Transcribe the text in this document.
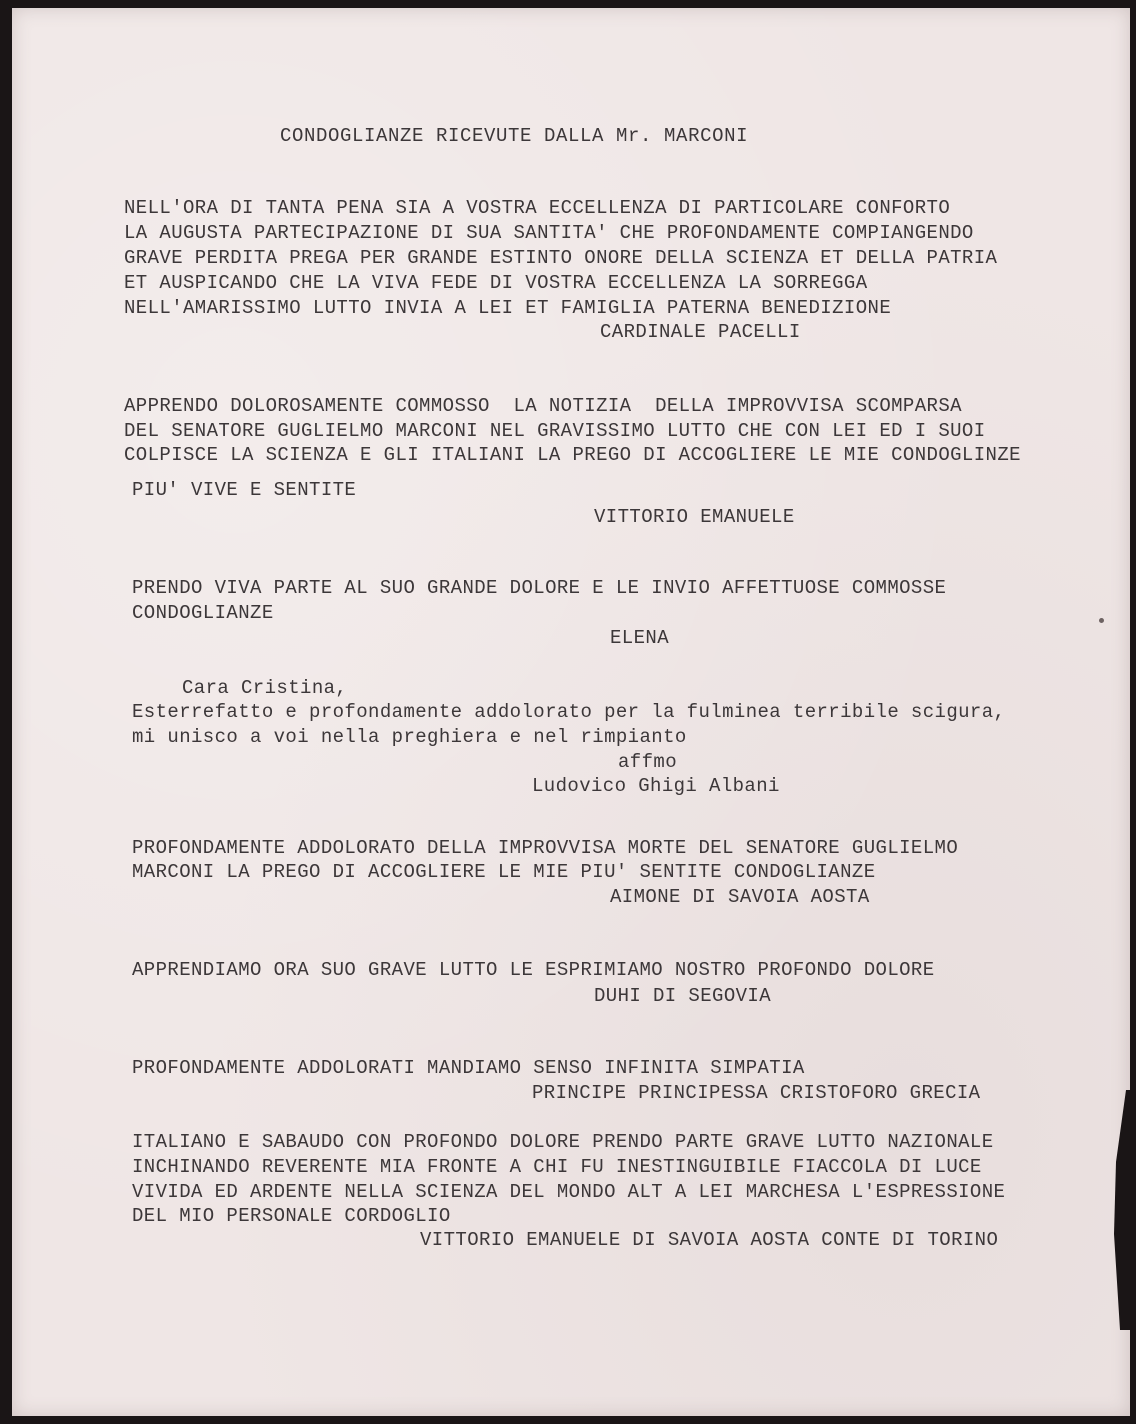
CONDOGLIANZE RICEVUTE DALLA Mr. MARCONI

NELL'ORA DI TANTA PENA SIA A VOSTRA ECCELLENZA DI PARTICOLARE CONFORTO

LA AUGUSTA PARTECIPAZIONE DI SUA SANTITA' CHE PROFONDAMENTE COMPIANGENDO

GRAVE PERDITA PREGA PER GRANDE ESTINTO ONORE DELLA SCIENZA ET DELLA PATRIA

ET AUSPICANDO CHE LA VIVA FEDE DI VOSTRA ECCELLENZA LA SORREGGA

NELL'AMARISSIMO LUTTO INVIA A LEI ET FAMIGLIA PATERNA BENEDIZIONE

CARDINALE PACELLI

APPRENDO DOLOROSAMENTE COMMOSSO  LA NOTIZIA  DELLA IMPROVVISA SCOMPARSA

DEL SENATORE GUGLIELMO MARCONI NEL GRAVISSIMO LUTTO CHE CON LEI ED I SUOI

COLPISCE LA SCIENZA E GLI ITALIANI LA PREGO DI ACCOGLIERE LE MIE CONDOGLINZE

PIU' VIVE E SENTITE

VITTORIO EMANUELE

PRENDO VIVA PARTE AL SUO GRANDE DOLORE E LE INVIO AFFETTUOSE COMMOSSE

CONDOGLIANZE

ELENA

Cara Cristina,

Esterrefatto e profondamente addolorato per la fulminea terribile scigura,

mi unisco a voi nella preghiera e nel rimpianto

affmo

Ludovico Ghigi Albani

PROFONDAMENTE ADDOLORATO DELLA IMPROVVISA MORTE DEL SENATORE GUGLIELMO

MARCONI LA PREGO DI ACCOGLIERE LE MIE PIU' SENTITE CONDOGLIANZE

AIMONE DI SAVOIA AOSTA

APPRENDIAMO ORA SUO GRAVE LUTTO LE ESPRIMIAMO NOSTRO PROFONDO DOLORE

DUHI DI SEGOVIA

PROFONDAMENTE ADDOLORATI MANDIAMO SENSO INFINITA SIMPATIA

PRINCIPE PRINCIPESSA CRISTOFORO GRECIA

ITALIANO E SABAUDO CON PROFONDO DOLORE PRENDO PARTE GRAVE LUTTO NAZIONALE

INCHINANDO REVERENTE MIA FRONTE A CHI FU INESTINGUIBILE FIACCOLA DI LUCE

VIVIDA ED ARDENTE NELLA SCIENZA DEL MONDO ALT A LEI MARCHESA L'ESPRESSIONE

DEL MIO PERSONALE CORDOGLIO

VITTORIO EMANUELE DI SAVOIA AOSTA CONTE DI TORINO
